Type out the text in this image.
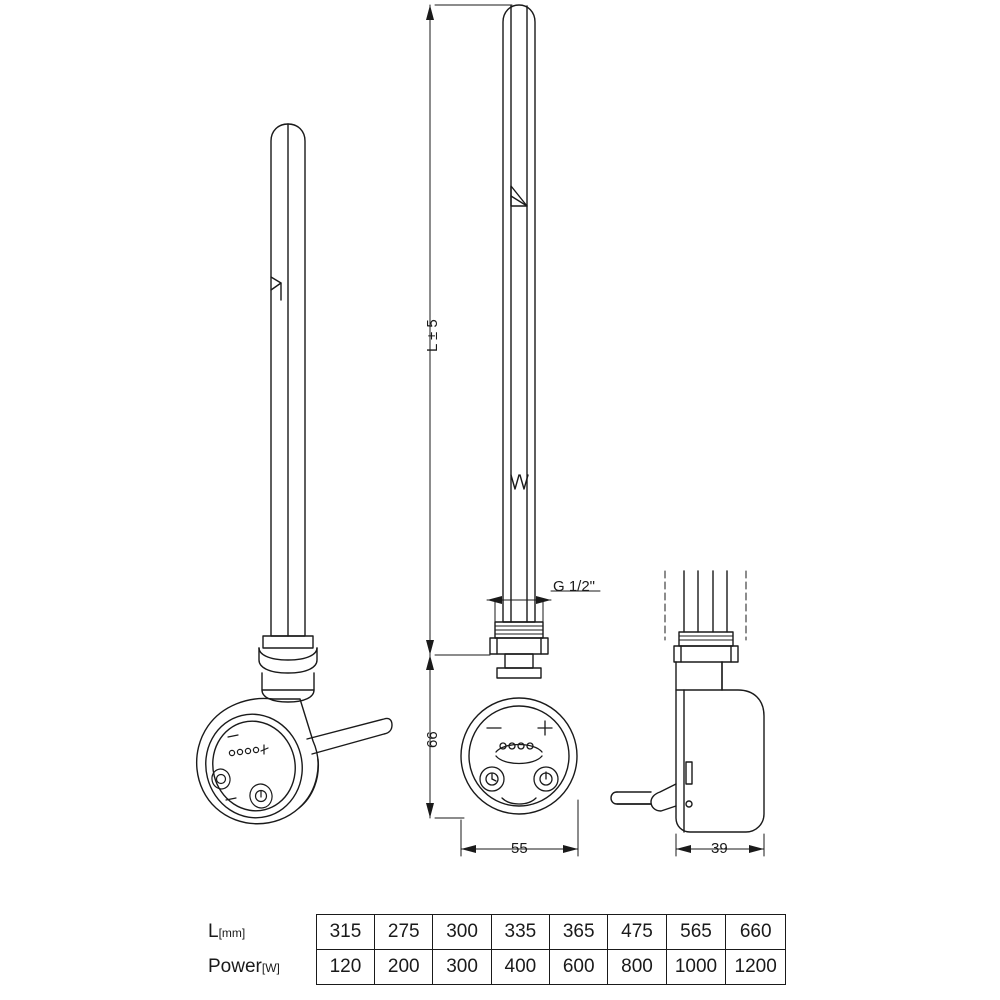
L ± 5
G 1/2"
66
55	39
L[mm]	315	275	300	335	365	475	565	660
Power[W]	120	200	300	400	600	800	1000	1200
